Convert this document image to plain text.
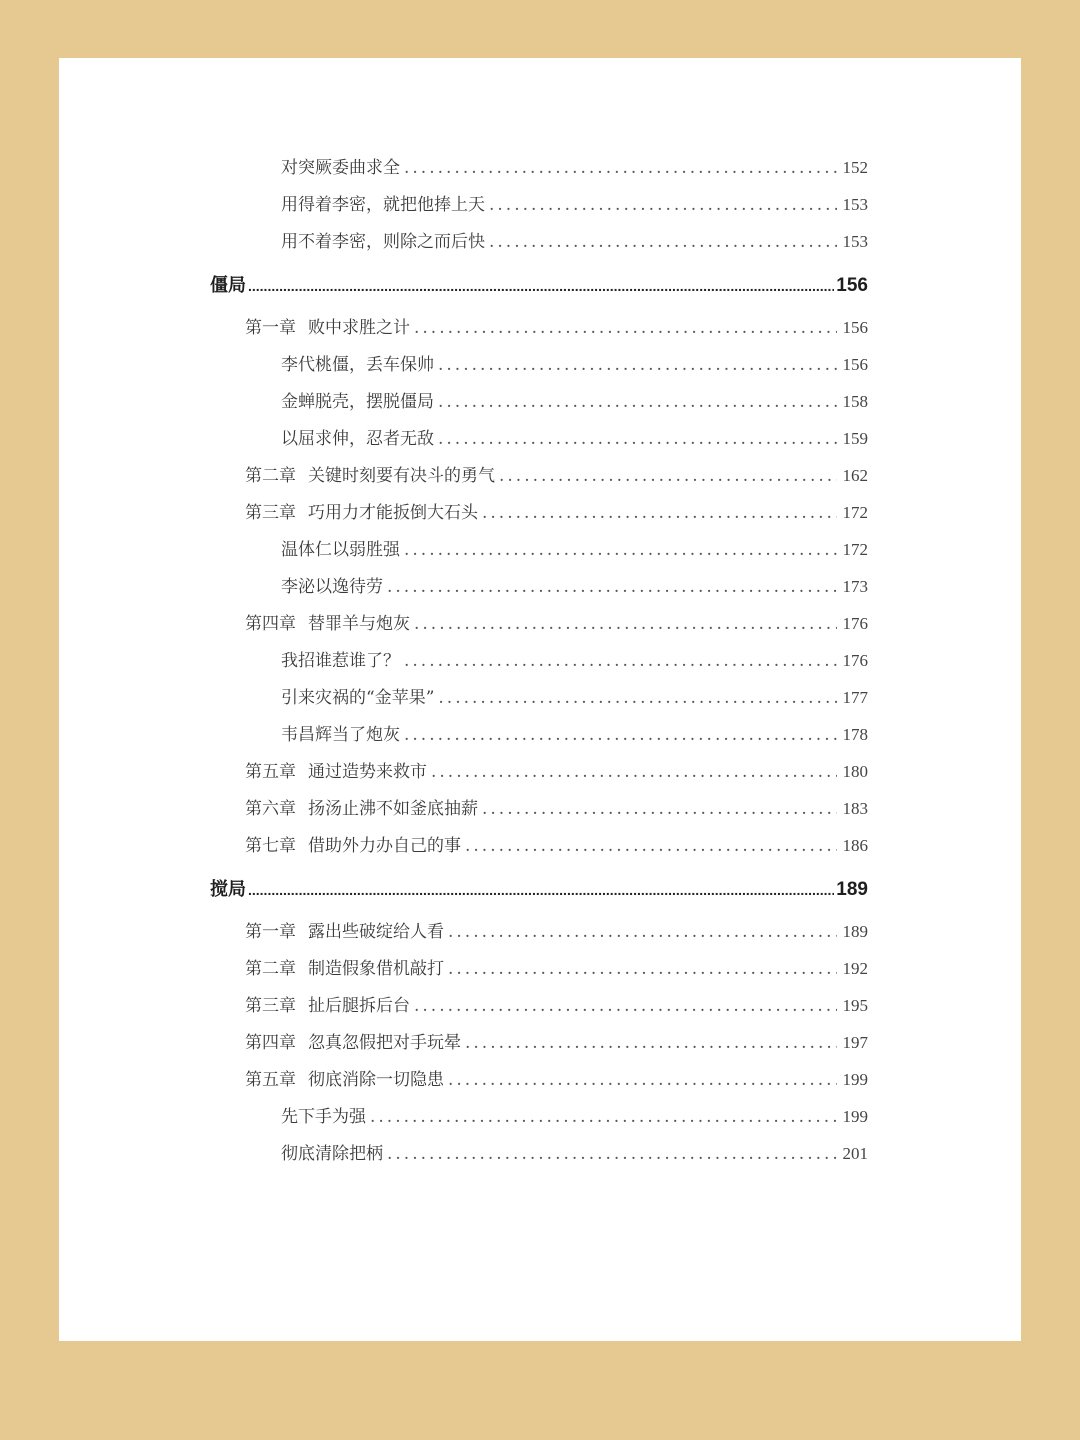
对突厥委曲求全 .....	152
用得着李密，就把他捧上天 .....	153
用不着李密，则除之而后快 .....	153
僵局 .....	156
第一章 败中求胜之计 .....	156
李代桃僵，丢车保帅 .....	156
金蝉脱壳，摆脱僵局 .....	158
以屈求伸，忍者无敌 .....	159
第二章 关键时刻要有决斗的勇气 .....	162
第三章 巧用力才能扳倒大石头 .....	172
温体仁以弱胜强 .....	172
李泌以逸待劳 .....	173
第四章 替罪羊与炮灰 .....	176
我招谁惹谁了？ .....	176
引来灾祸的“金苹果” .....	177
韦昌辉当了炮灰 .....	178
第五章 通过造势来救市 .....	180
第六章 扬汤止沸不如釜底抽薪 .....	183
第七章 借助外力办自己的事 .....	186
搅局 .....	189
第一章 露出些破绽给人看 .....	189
第二章 制造假象借机敲打 .....	192
第三章 扯后腿拆后台 .....	195
第四章 忽真忽假把对手玩晕 .....	197
第五章 彻底消除一切隐患 .....	199
先下手为强 .....	199
彻底清除把柄 .....	201
